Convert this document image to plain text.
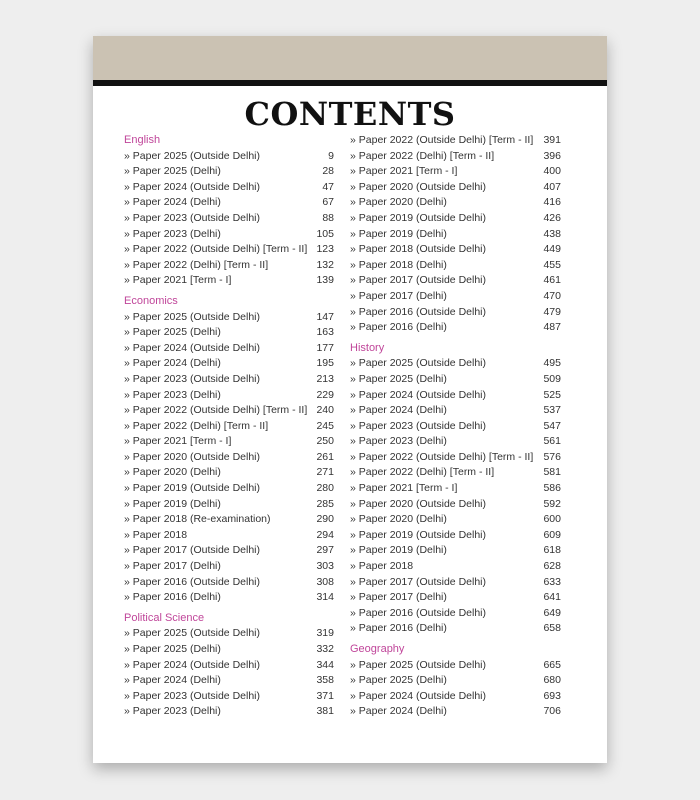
CONTENTS
English
» Paper 2025 (Outside Delhi)	9
» Paper 2025 (Delhi)	28
» Paper 2024 (Outside Delhi)	47
» Paper 2024 (Delhi)	67
» Paper 2023 (Outside Delhi)	88
» Paper 2023 (Delhi)	105
» Paper 2022 (Outside Delhi) [Term - II] 123
» Paper 2022 (Delhi) [Term - II]	132
» Paper 2021 [Term - I]	139
Economics
» Paper 2025 (Outside Delhi)	147
» Paper 2025 (Delhi)	163
» Paper 2024 (Outside Delhi)	177
» Paper 2024 (Delhi)	195
» Paper 2023 (Outside Delhi)	213
» Paper 2023 (Delhi)	229
» Paper 2022 (Outside Delhi) [Term - II] 240
» Paper 2022 (Delhi) [Term - II]	245
» Paper 2021 [Term - I]	250
» Paper 2020 (Outside Delhi)	261
» Paper 2020 (Delhi)	271
» Paper 2019 (Outside Delhi)	280
» Paper 2019 (Delhi)	285
» Paper 2018 (Re-examination)	290
» Paper 2018	294
» Paper 2017 (Outside Delhi)	297
» Paper 2017 (Delhi)	303
» Paper 2016 (Outside Delhi)	308
» Paper 2016 (Delhi)	314
Political Science
» Paper 2025 (Outside Delhi)	319
» Paper 2025 (Delhi)	332
» Paper 2024 (Outside Delhi)	344
» Paper 2024 (Delhi)	358
» Paper 2023 (Outside Delhi)	371
» Paper 2023 (Delhi)	381
» Paper 2022 (Outside Delhi) [Term - II] 391
» Paper 2022 (Delhi) [Term - II]	396
» Paper 2021 [Term - I]	400
» Paper 2020 (Outside Delhi)	407
» Paper 2020 (Delhi)	416
» Paper 2019 (Outside Delhi)	426
» Paper 2019 (Delhi)	438
» Paper 2018 (Outside Delhi)	449
» Paper 2018 (Delhi)	455
» Paper 2017 (Outside Delhi)	461
» Paper 2017 (Delhi)	470
» Paper 2016 (Outside Delhi)	479
» Paper 2016 (Delhi)	487
History
» Paper 2025 (Outside Delhi)	495
» Paper 2025 (Delhi)	509
» Paper 2024 (Outside Delhi)	525
» Paper 2024 (Delhi)	537
» Paper 2023 (Outside Delhi)	547
» Paper 2023 (Delhi)	561
» Paper 2022 (Outside Delhi) [Term - II] 576
» Paper 2022 (Delhi) [Term - II]	581
» Paper 2021 [Term - I]	586
» Paper 2020 (Outside Delhi)	592
» Paper 2020 (Delhi)	600
» Paper 2019 (Outside Delhi)	609
» Paper 2019 (Delhi)	618
» Paper 2018	628
» Paper 2017 (Outside Delhi)	633
» Paper 2017 (Delhi)	641
» Paper 2016 (Outside Delhi)	649
» Paper 2016 (Delhi)	658
Geography
» Paper 2025 (Outside Delhi)	665
» Paper 2025 (Delhi)	680
» Paper 2024 (Outside Delhi)	693
» Paper 2024 (Delhi)	706
